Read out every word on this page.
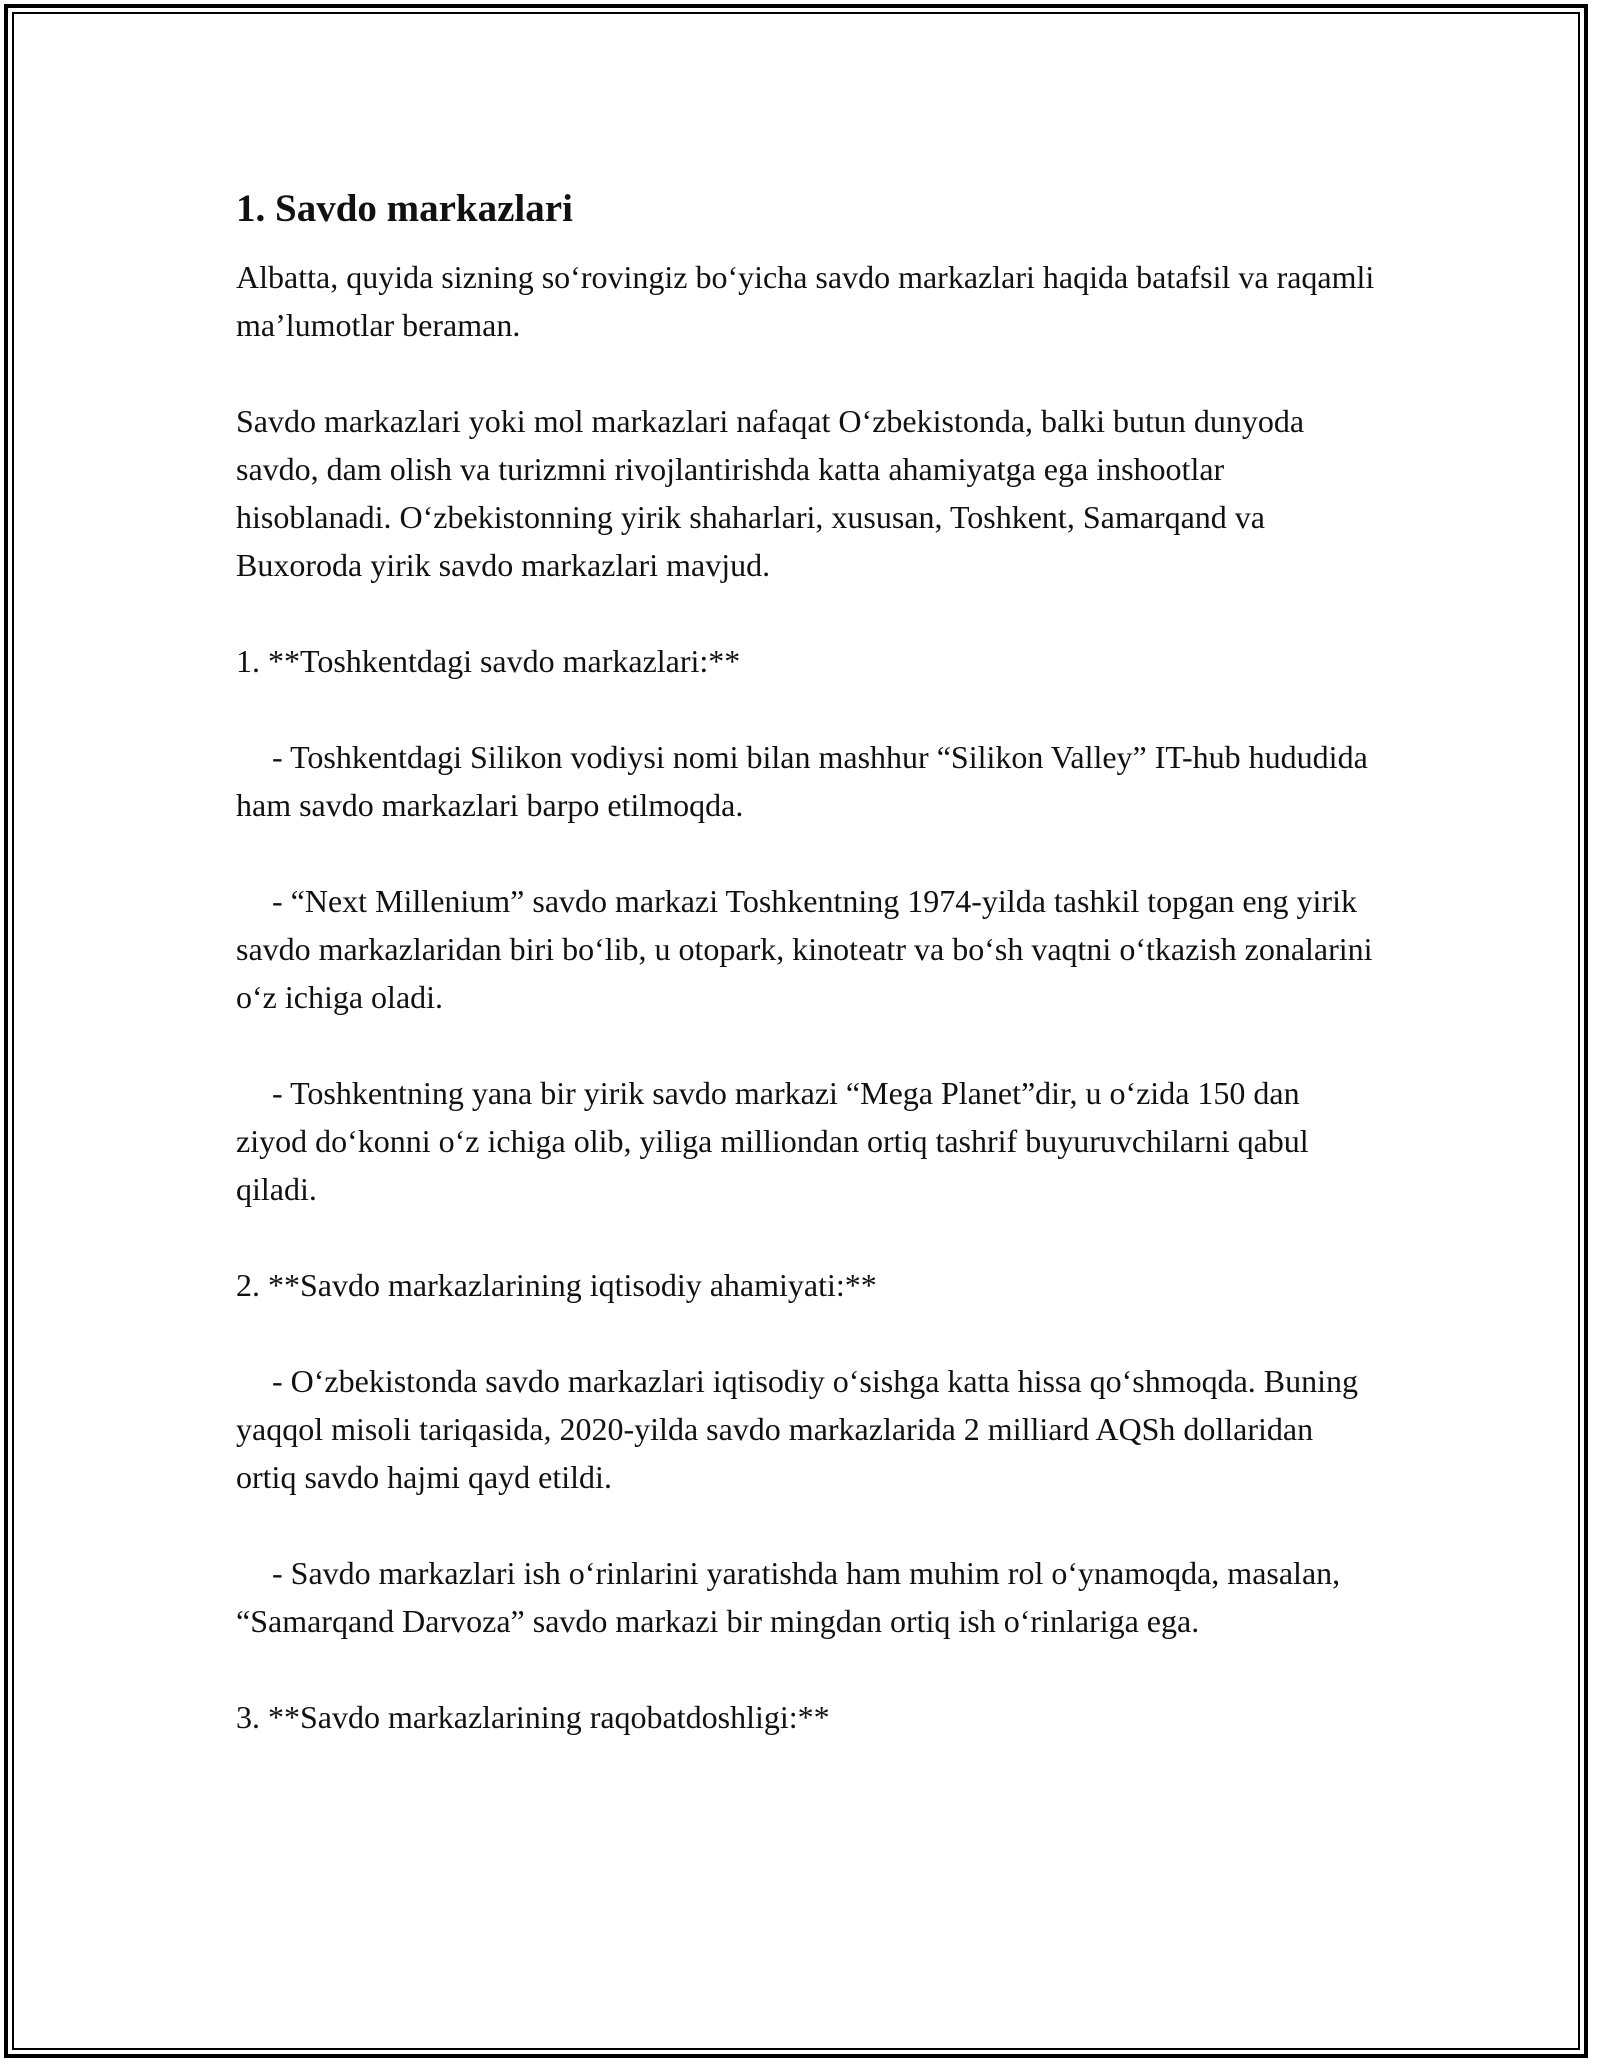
1. Savdo markazlari

Albatta, quyida sizning so‘rovingiz bo‘yicha savdo markazlari haqida batafsil va raqamli ma’lumotlar beraman.

Savdo markazlari yoki mol markazlari nafaqat O‘zbekistonda, balki butun dunyoda savdo, dam olish va turizmni rivojlantirishda katta ahamiyatga ega inshootlar hisoblanadi. O‘zbekistonning yirik shaharlari, xususan, Toshkent, Samarqand va Buxoroda yirik savdo markazlari mavjud.

1. **Toshkentdagi savdo markazlari:**

- Toshkentdagi Silikon vodiysi nomi bilan mashhur “Silikon Valley” IT-hub hududida ham savdo markazlari barpo etilmoqda.

- “Next Millenium” savdo markazi Toshkentning 1974-yilda tashkil topgan eng yirik savdo markazlaridan biri bo‘lib, u otopark, kinoteatr va bo‘sh vaqtni o‘tkazish zonalarini o‘z ichiga oladi.

- Toshkentning yana bir yirik savdo markazi “Mega Planet”dir, u o‘zida 150 dan ziyod do‘konni o‘z ichiga olib, yiliga milliondan ortiq tashrif buyuruvchilarni qabul qiladi.

2. **Savdo markazlarining iqtisodiy ahamiyati:**

- O‘zbekistonda savdo markazlari iqtisodiy o‘sishga katta hissa qo‘shmoqda. Buning yaqqol misoli tariqasida, 2020-yilda savdo markazlarida 2 milliard AQSh dollaridan ortiq savdo hajmi qayd etildi.

- Savdo markazlari ish o‘rinlarini yaratishda ham muhim rol o‘ynamoqda, masalan, “Samarqand Darvoza” savdo markazi bir mingdan ortiq ish o‘rinlariga ega.

3. **Savdo markazlarining raqobatdoshligi:**
